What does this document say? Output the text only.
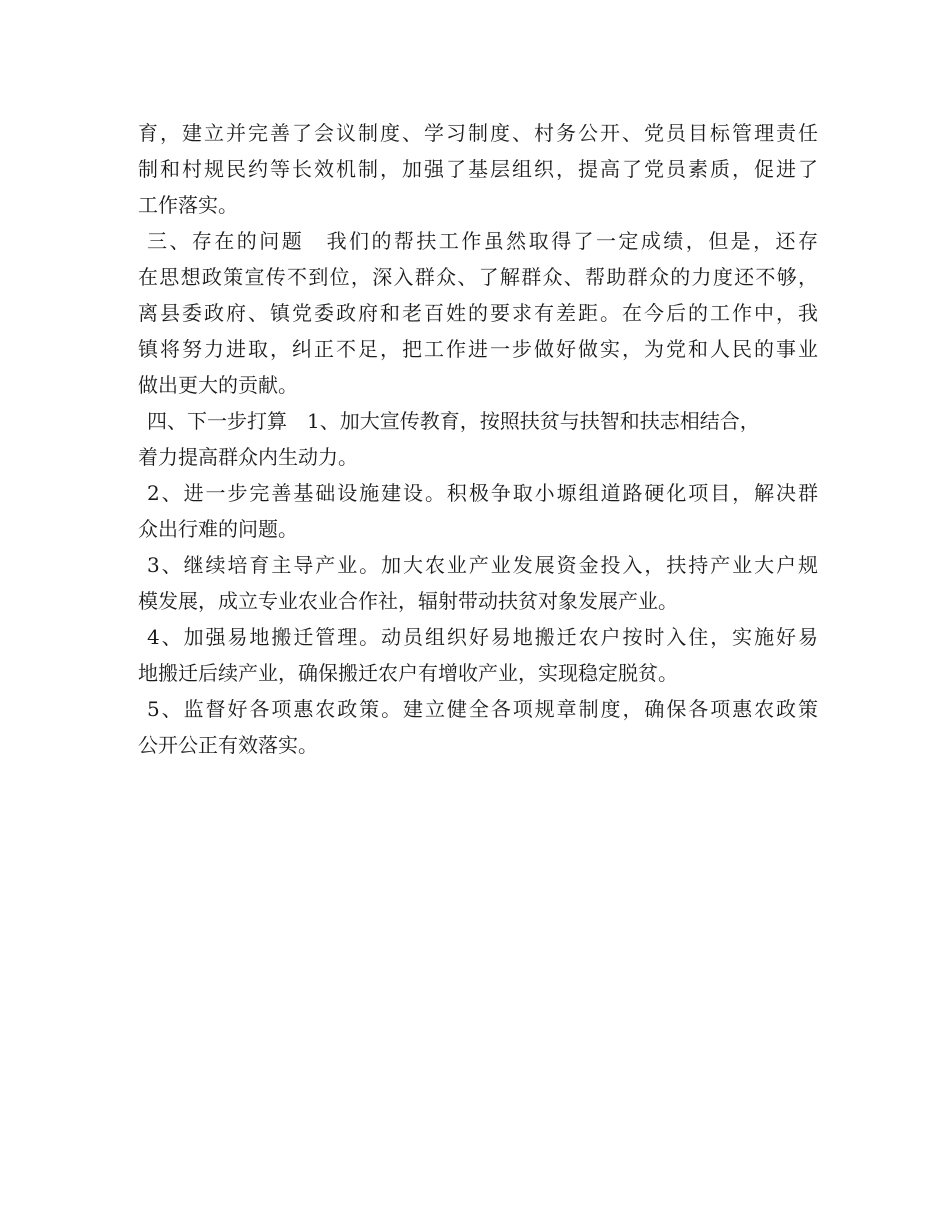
育，建立并完善了会议制度、学习制度、村务公开、党员目标管理责任
制和村规民约等长效机制，加强了基层组织，提高了党员素质，促进了
工作落实。
三、存在的问题　我们的帮扶工作虽然取得了一定成绩，但是，还存
在思想政策宣传不到位，深入群众、了解群众、帮助群众的力度还不够，
离县委政府、镇党委政府和老百姓的要求有差距。在今后的工作中，我
镇将努力进取，纠正不足，把工作进一步做好做实，为党和人民的事业
做出更大的贡献。
四、下一步打算　1、加大宣传教育，按照扶贫与扶智和扶志相结合，
着力提高群众内生动力。
2、进一步完善基础设施建设。积极争取小塬组道路硬化项目，解决群
众出行难的问题。
3、继续培育主导产业。加大农业产业发展资金投入，扶持产业大户规
模发展，成立专业农业合作社，辐射带动扶贫对象发展产业。
4、加强易地搬迁管理。动员组织好易地搬迁农户按时入住，实施好易
地搬迁后续产业，确保搬迁农户有增收产业，实现稳定脱贫。
5、监督好各项惠农政策。建立健全各项规章制度，确保各项惠农政策
公开公正有效落实。
